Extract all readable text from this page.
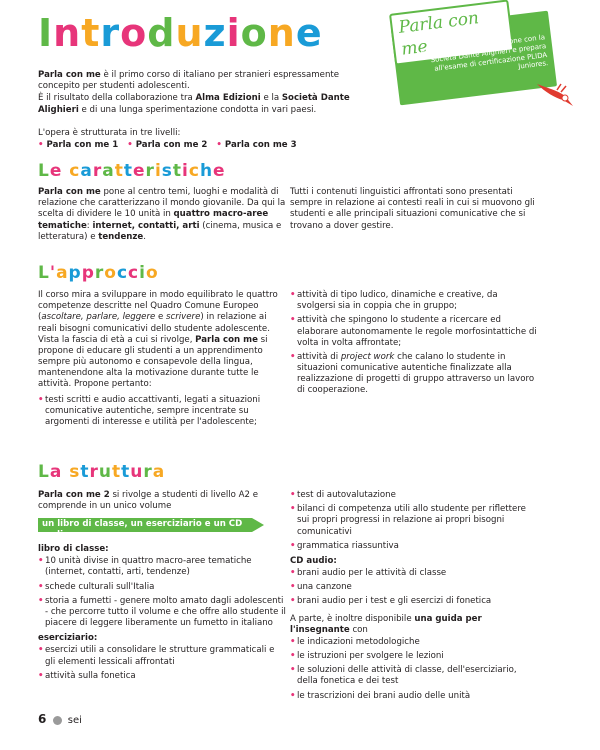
Introduzione	Parla con me
è realizzato in collaborazione con la Società Dante Alighieri e prepara all'esame di certificazione PLIDA Juniores.

Parla con me è il primo corso di italiano per stranieri espressamente concepito per studenti adolescenti.

È il risultato della collaborazione tra Alma Edizioni e la Società Dante Alighieri e di una lunga sperimentazione condotta in vari paesi.

L'opera è strutturata in tre livelli:
• Parla con me 1 • Parla con me 2 • Parla con me 3
Le caratteristiche

Parla con me pone al centro temi, luoghi e modalità di relazione che caratterizzano il mondo giovanile. Da qui la scelta di dividere le 10 unità in quattro macro-aree tematiche: internet, contatti, arti (cinema, musica e letteratura) e tendenze.

Tutti i contenuti linguistici affrontati sono presentati sempre in relazione ai contesti reali in cui si muovono gli studenti e alle principali situazioni comunicative che si trovano a dover gestire.

L'approccio

Il corso mira a sviluppare in modo equilibrato le quattro competenze descritte nel Quadro Comune Europeo (ascoltare, parlare, leggere e scrivere) in relazione ai reali bisogni comunicativi dello studente adolescente. Vista la fascia di età a cui si rivolge, Parla con me si propone di educare gli studenti a un apprendimento sempre più autonomo e consapevole della lingua, mantenendone alta la motivazione durante tutte le attività. Propone pertanto:

• testi scritti e audio accattivanti, legati a situazioni comunicative autentiche, sempre incentrate su argomenti di interesse e utilità per l'adolescente;
• attività di tipo ludico, dinamiche e creative, da svolgersi sia in coppia che in gruppo;
• attività che spingono lo studente a ricercare ed elaborare autonomamente le regole morfosintattiche di volta in volta affrontate;
• attività di project work che calano lo studente in situazioni comunicative autentiche finalizzate alla realizzazione di progetti di gruppo attraverso un lavoro di cooperazione.
La struttura

Parla con me 2 si rivolge a studenti di livello A2 e comprende in un unico volume

un libro di classe, un eserciziario e un CD audio
libro di classe:
• 10 unità divise in quattro macro-aree tematiche (internet, contatti, arti, tendenze)
• schede culturali sull'Italia
• storia a fumetti - genere molto amato dagli adolescenti - che percorre tutto il volume e che offre allo studente il piacere di leggere liberamente un fumetto in italiano
eserciziario:
• esercizi utili a consolidare le strutture grammaticali e gli elementi lessicali affrontati
• attività sulla fonetica
• test di autovalutazione
• bilanci di competenza utili allo studente per riflettere sui propri progressi in relazione ai propri bisogni comunicativi
• grammatica riassuntiva
CD audio:
• brani audio per le attività di classe
• una canzone
• brani audio per i test e gli esercizi di fonetica

A parte, è inoltre disponibile una guida per l'insegnante con

• le indicazioni metodologiche
• le istruzioni per svolgere le lezioni
• le soluzioni delle attività di classe, dell'eserciziario, della fonetica e dei test
• le trascrizioni dei brani audio delle unità
6 sei
